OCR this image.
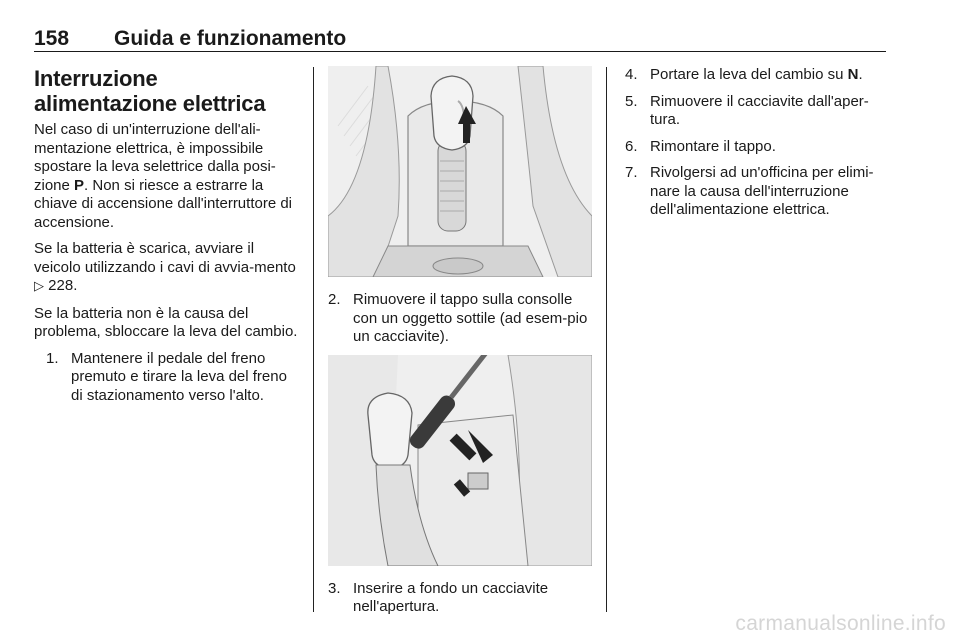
158 Guida e funzionamento
Interruzione alimentazione elettrica

Nel caso di un'interruzione dell'ali-mentazione elettrica, è impossibile spostare la leva selettrice dalla posi-zione P. Non si riesce a estrarre la chiave di accensione dall'interruttore di accensione.

Se la batteria è scarica, avviare il veicolo utilizzando i cavi di avvia-mento ▷ 228.

Se la batteria non è la causa del problema, sbloccare la leva del cambio.

1. Mantenere il pedale del freno premuto e tirare la leva del freno di stazionamento verso l'alto.
2. Rimuovere il tappo sulla consolle con un oggetto sottile (ad esem-pio un cacciavite).
3. Inserire a fondo un cacciavite nell'apertura.
4. Portare la leva del cambio su N.
5. Rimuovere il cacciavite dall'aper-tura.
6. Rimontare il tappo.
7. Rivolgersi ad un'officina per elimi-nare la causa dell'interruzione dell'alimentazione elettrica.
carmanualsonline.info
